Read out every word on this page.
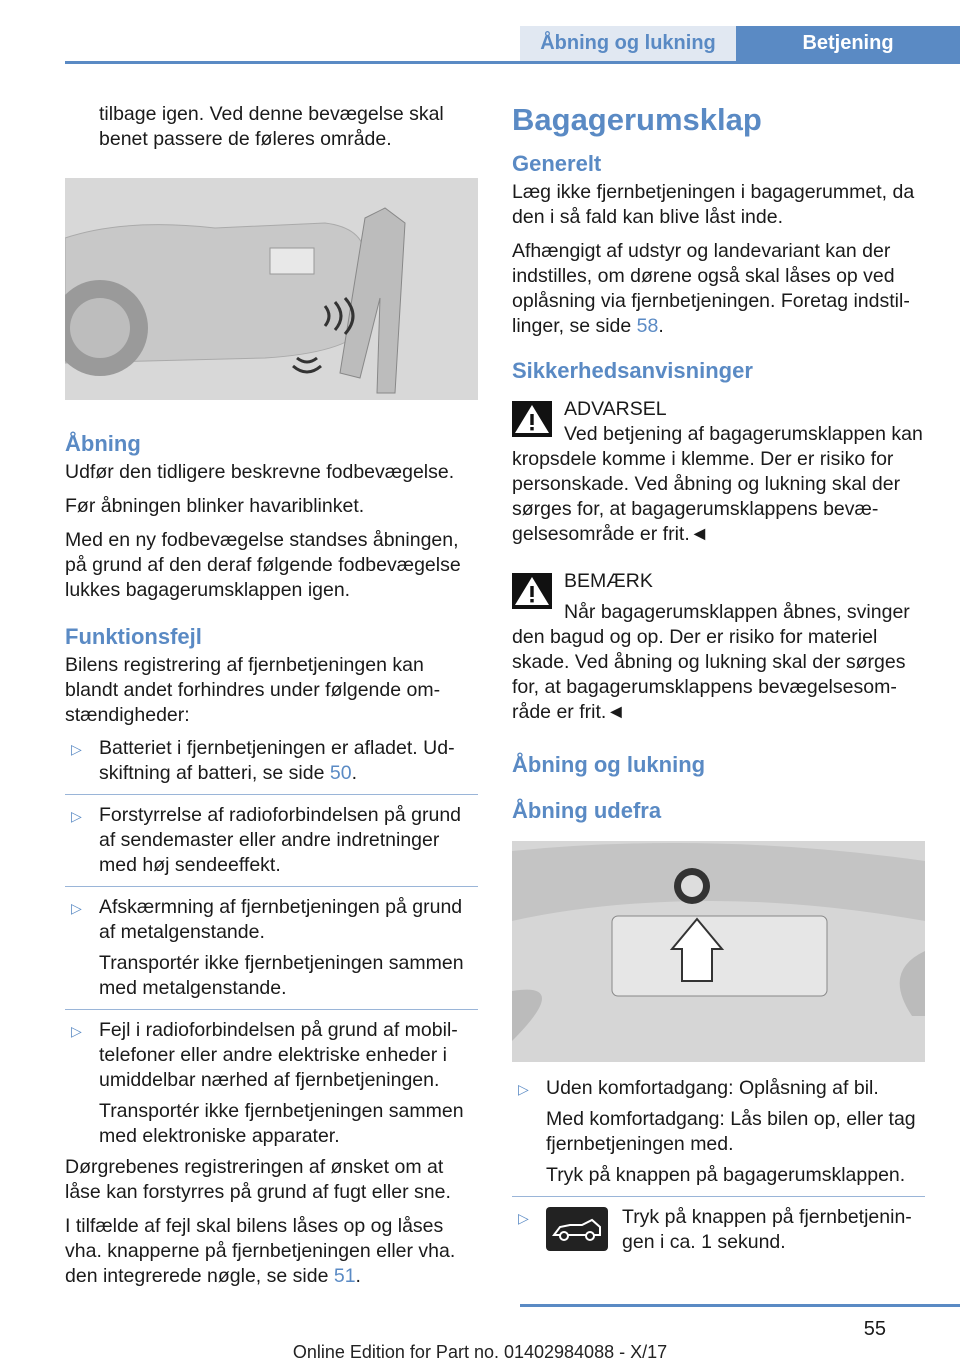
Åbning og lukning	Betjening

tilbage igen. Ved denne bevægelse skal benet passere de føleres område.

Åbning

Udfør den tidligere beskrevne fodbevægelse.

Før åbningen blinker havariblinket.

Med en ny fodbevægelse standses åbningen, på grund af den deraf følgende fodbevægelse lukkes bagagerumsklappen igen.

Funktionsfejl

Bilens registrering af fjernbetjeningen kan blandt andet forhindres under følgende omstændigheder:

▷ Batteriet i fjernbetjeningen er afladet. Udskiftning af batteri, se side 50.

▷ Forstyrrelse af radioforbindelsen på grund af sendemaster eller andre indretninger med høj sendeeffekt.

▷ Afskærmning af fjernbetjeningen på grund af metalgenstande.

Transportér ikke fjernbetjeningen sammen med metalgenstande.

▷ Fejl i radioforbindelsen på grund af mobiltelefoner eller andre elektriske enheder i umiddelbar nærhed af fjernbetjeningen.

Transportér ikke fjernbetjeningen sammen med elektroniske apparater.

Dørgrebenes registreringen af ønsket om at låse kan forstyrres på grund af fugt eller sne.

I tilfælde af fejl skal bilens låses op og låses vha. knapperne på fjernbetjeningen eller vha. den integrerede nøgle, se side 51.

Bagagerumsklap
Generelt

Læg ikke fjernbetjeningen i bagagerummet, da den i så fald kan blive låst inde.

Afhængigt af udstyr og landevariant kan der indstilles, om dørene også skal låses op ved oplåsning via fjernbetjeningen. Foretag indstillinger, se side 58.

Sikkerhedsanvisninger

ADVARSEL

Ved betjening af bagagerumsklappen kan kropsdele komme i klemme. Der er risiko for personskade. Ved åbning og lukning skal der sørges for, at bagagerumsklappens bevægelsesområde er frit.◄

BEMÆRK

Når bagagerumsklappen åbnes, svinger den bagud og op. Der er risiko for materiel skade. Ved åbning og lukning skal der sørges for, at bagagerumsklappens bevægelsesområde er frit.◄

Åbning og lukning
Åbning udefra
▷ Uden komfortadgang: Oplåsning af bil.

Med komfortadgang: Lås bilen op, eller tag fjernbetjeningen med.

Tryk på knappen på bagagerumsklappen.

▷	Tryk på knappen på fjernbetjeningen i ca. 1 sekund.

55
Online Edition for Part no. 01402984088 - X/17
